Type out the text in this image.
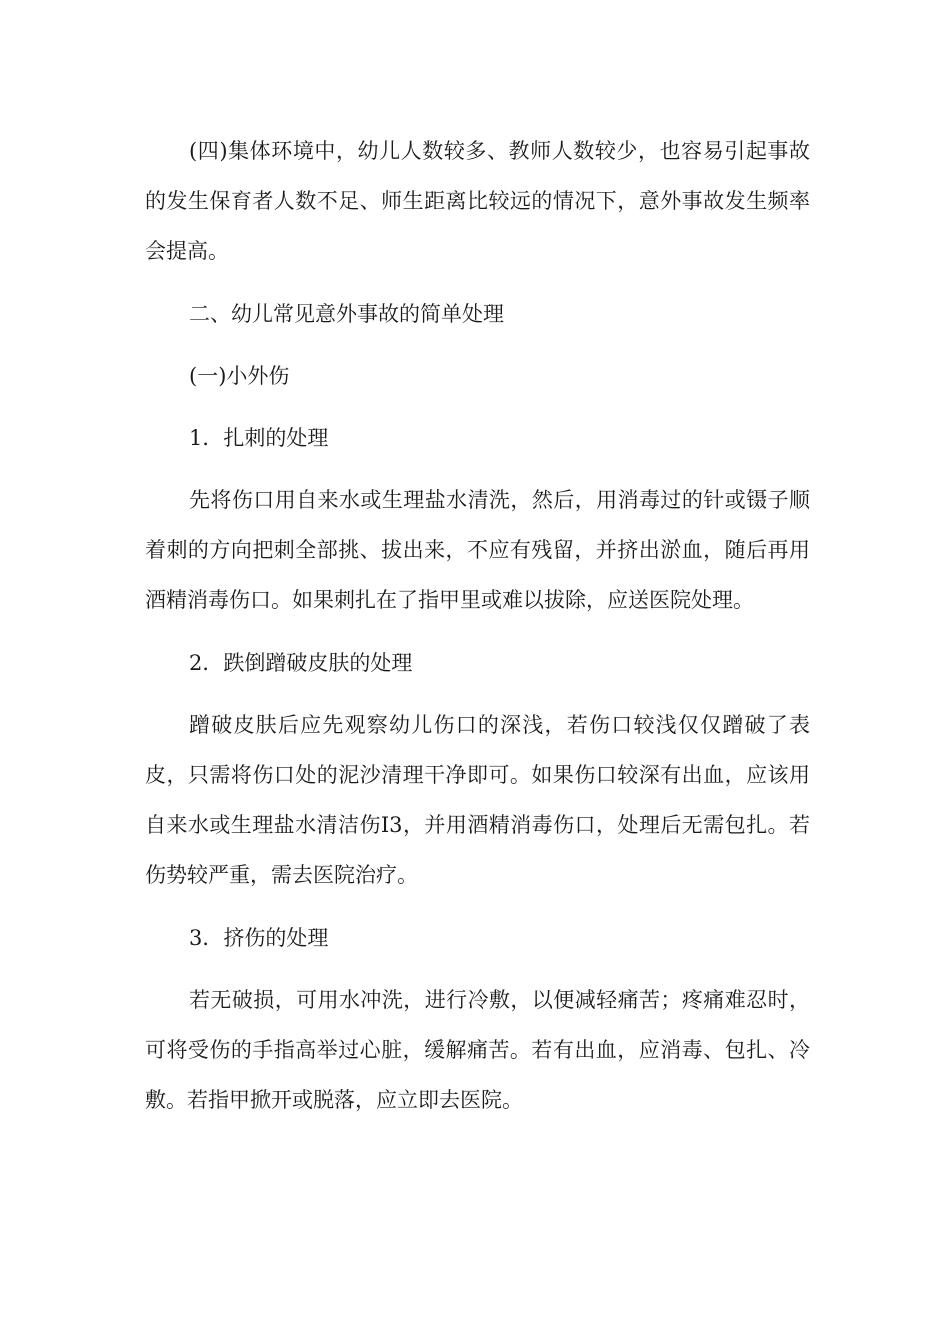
(四)集体环境中，幼儿人数较多、教师人数较少，也容易引起事故的发生保育者人数不足、师生距离比较远的情况下，意外事故发生频率会提高。

二、幼儿常见意外事故的简单处理

(一)小外伤

1．扎刺的处理

先将伤口用自来水或生理盐水清洗，然后，用消毒过的针或镊子顺着刺的方向把刺全部挑、拔出来，不应有残留，并挤出淤血，随后再用酒精消毒伤口。如果刺扎在了指甲里或难以拔除，应送医院处理。

2．跌倒蹭破皮肤的处理

蹭破皮肤后应先观察幼儿伤口的深浅，若伤口较浅仅仅蹭破了表皮，只需将伤口处的泥沙清理干净即可。如果伤口较深有出血，应该用自来水或生理盐水清洁伤I3，并用酒精消毒伤口，处理后无需包扎。若伤势较严重，需去医院治疗。

3．挤伤的处理

若无破损，可用水冲洗，进行冷敷，以便减轻痛苦；疼痛难忍时，可将受伤的手指高举过心脏，缓解痛苦。若有出血，应消毒、包扎、冷敷。若指甲掀开或脱落，应立即去医院。
